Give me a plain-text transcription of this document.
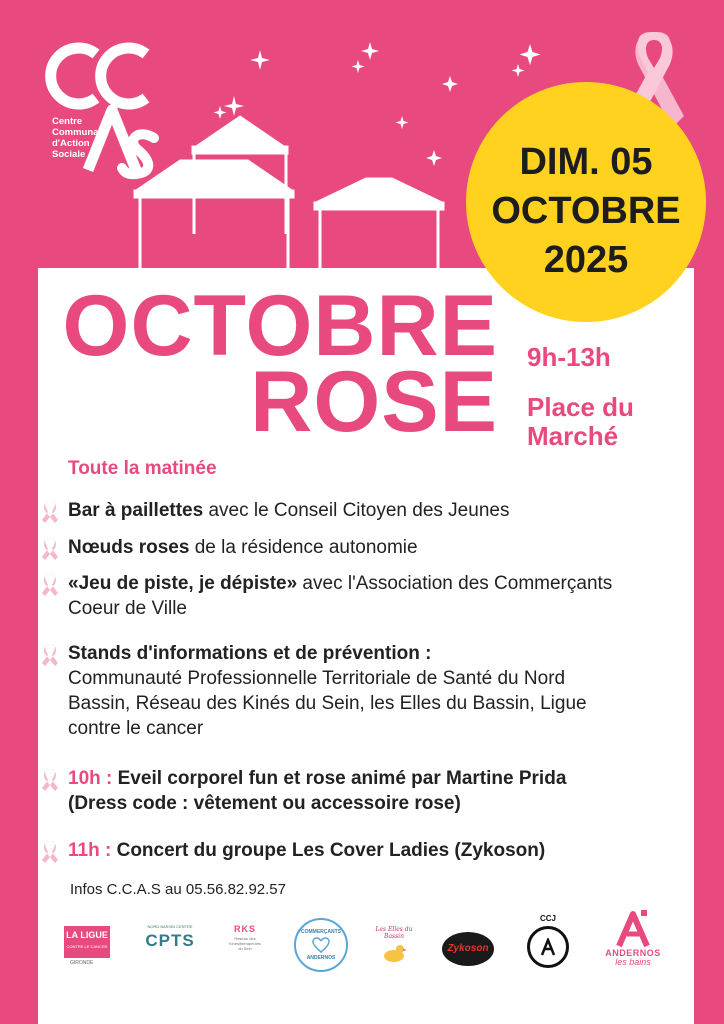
Centre
Communal
d'Action
Sociale	DIM. 05
OCTOBRE
2025
OCTOBRE
ROSE 9h-13h
Place du
Marché
Toute la matinée
Bar à paillettes avec le Conseil Citoyen des Jeunes
Nœuds roses de la résidence autonomie
«Jeu de piste, je dépiste» avec l'Association des Commerçants
Coeur de Ville
Stands d'informations et de prévention :
Communauté Professionnelle Territoriale de Santé du Nord
Bassin, Réseau des Kinés du Sein, les Elles du Bassin, Ligue
contre le cancer
10h : Eveil corporel fun et rose animé par Martine Prida
(Dress code : vêtement ou accessoire rose)
11h : Concert du groupe Les Cover Ladies (Zykoson)
Infos C.C.A.S au 05.56.82.92.57
LA LIGUE
CONTRE LE CANCER
GIRONDE
NORD BASSIN CENTRE
CPTS
RKS
Réseau des
Kinésithérapeutes
du Sein
COMMERÇANTS
ANDERNOS
Les Elles du Bassin
Zykoson
CCJ
ANDERNOS
les bains
